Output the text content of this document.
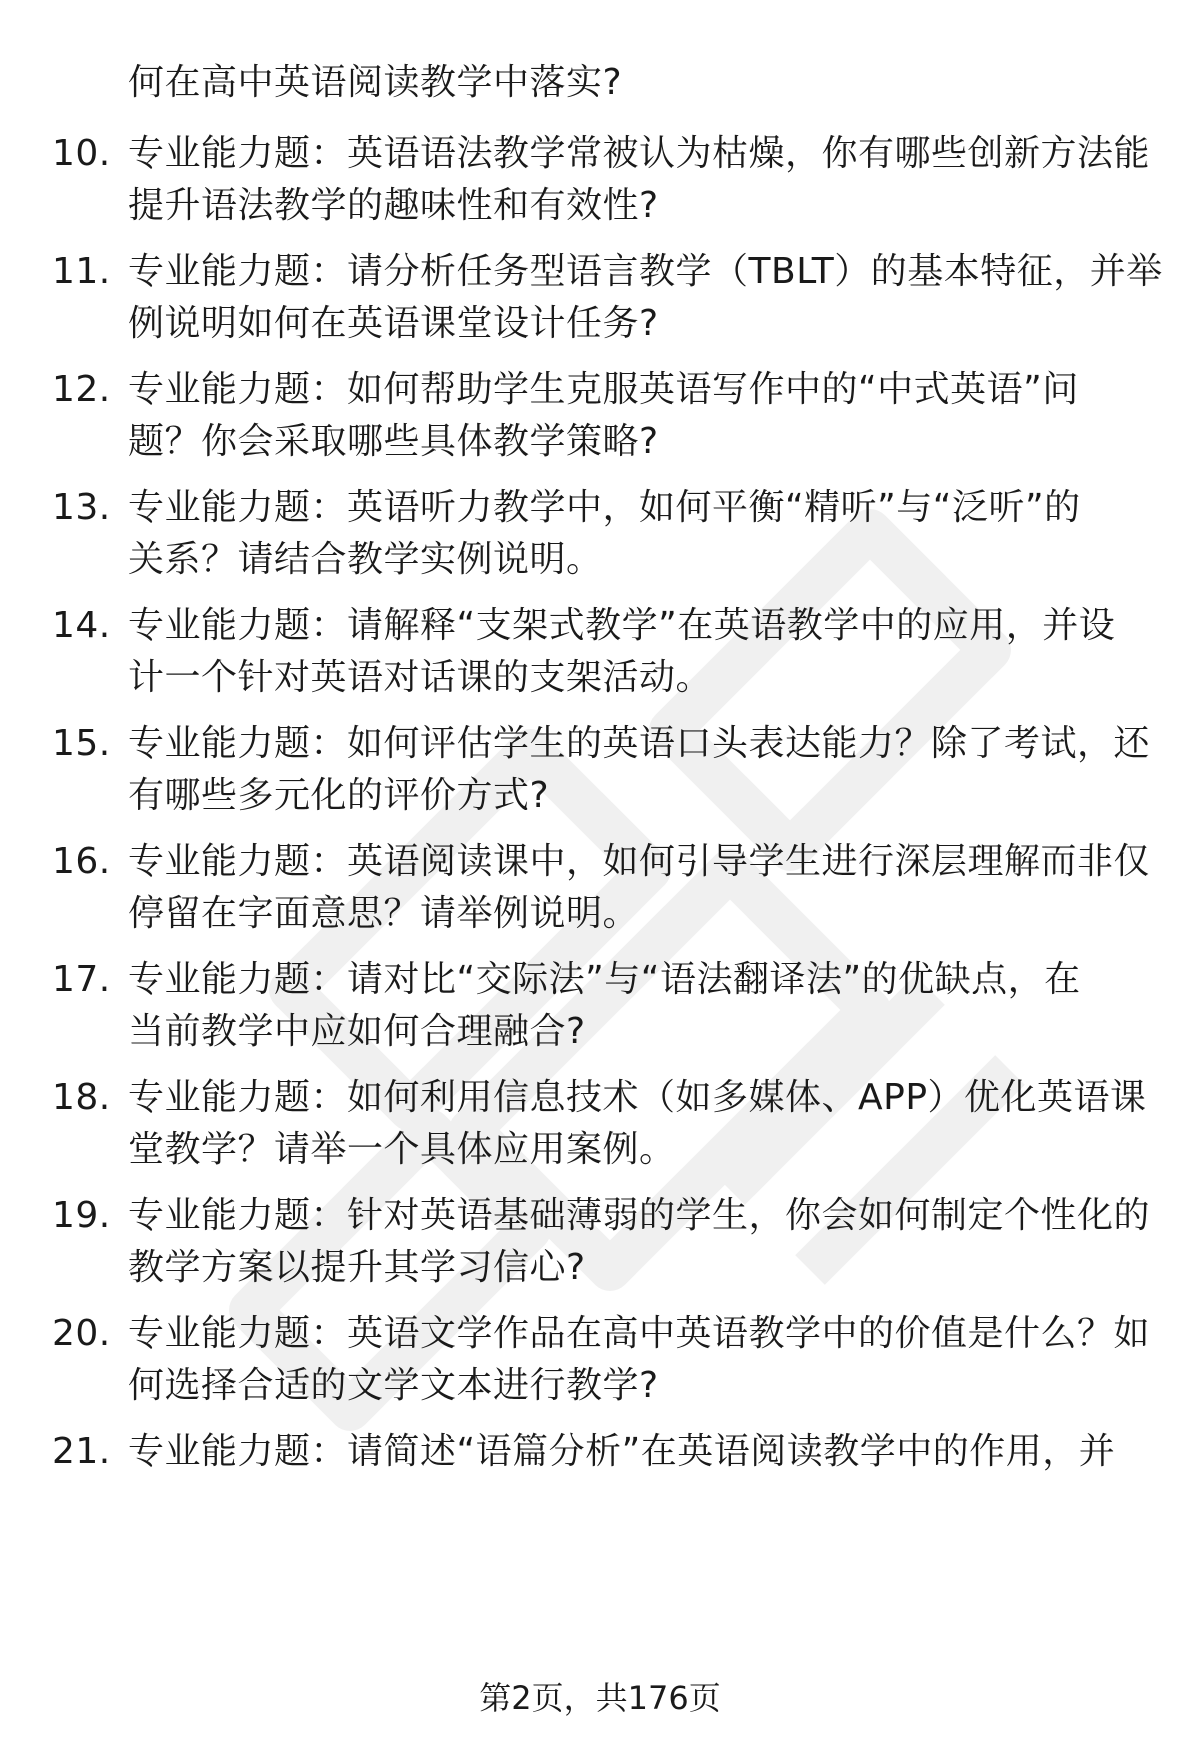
何在高中英语阅读教学中落实?
10. 专业能力题：英语语法教学常被认为枯燥，你有哪些创新方法能
提升语法教学的趣味性和有效性?
11. 专业能力题：请分析任务型语言教学（TBLT）的基本特征，并举
例说明如何在英语课堂设计任务?
12. 专业能力题：如何帮助学生克服英语写作中的“中式英语”问
题？你会采取哪些具体教学策略?
13. 专业能力题：英语听力教学中，如何平衡“精听”与“泛听”的
关系？请结合教学实例说明。
14. 专业能力题：请解释“支架式教学”在英语教学中的应用，并设
计一个针对英语对话课的支架活动。
15. 专业能力题：如何评估学生的英语口头表达能力？除了考试，还
有哪些多元化的评价方式?
16. 专业能力题：英语阅读课中，如何引导学生进行深层理解而非仅
停留在字面意思？请举例说明。
17. 专业能力题：请对比“交际法”与“语法翻译法”的优缺点，在
当前教学中应如何合理融合?
18. 专业能力题：如何利用信息技术（如多媒体、APP）优化英语课
堂教学？请举一个具体应用案例。
19. 专业能力题：针对英语基础薄弱的学生，你会如何制定个性化的
教学方案以提升其学习信心?
20. 专业能力题：英语文学作品在高中英语教学中的价值是什么？如
何选择合适的文学文本进行教学?
21. 专业能力题：请简述“语篇分析”在英语阅读教学中的作用，并
第2页，共176页
